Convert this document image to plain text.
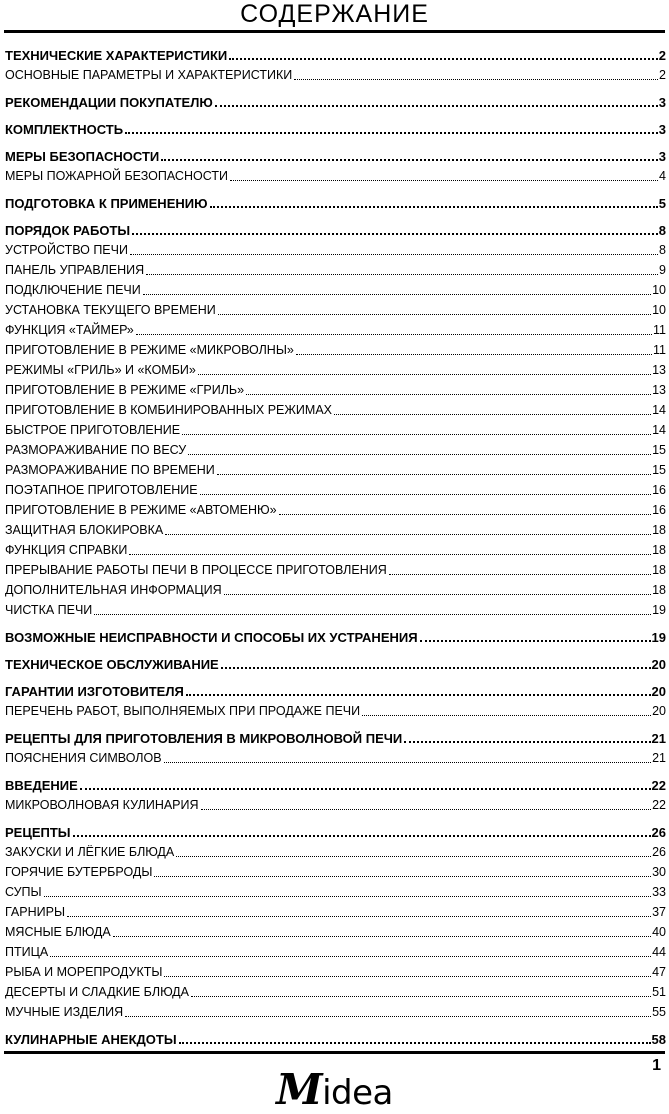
СОДЕРЖАНИЕ
ТЕХНИЧЕСКИЕ ХАРАКТЕРИСТИКИ	2
ОСНОВНЫЕ ПАРАМЕТРЫ И ХАРАКТЕРИСТИКИ	2
РЕКОМЕНДАЦИИ ПОКУПАТЕЛЮ	3
КОМПЛЕКТНОСТЬ	3
МЕРЫ БЕЗОПАСНОСТИ	3
МЕРЫ ПОЖАРНОЙ БЕЗОПАСНОСТИ	4
ПОДГОТОВКА К ПРИМЕНЕНИЮ	5
ПОРЯДОК РАБОТЫ	8
УСТРОЙСТВО ПЕЧИ	8
ПАНЕЛЬ УПРАВЛЕНИЯ	9
ПОДКЛЮЧЕНИЕ ПЕЧИ	10
УСТАНОВКА ТЕКУЩЕГО ВРЕМЕНИ	10
ФУНКЦИЯ «ТАЙМЕР»	11
ПРИГОТОВЛЕНИЕ В РЕЖИМЕ «МИКРОВОЛНЫ»	11
РЕЖИМЫ «ГРИЛЬ» И «КОМБИ»	13
ПРИГОТОВЛЕНИЕ В РЕЖИМЕ «ГРИЛЬ»	13
ПРИГОТОВЛЕНИЕ В КОМБИНИРОВАННЫХ РЕЖИМАХ	14
БЫСТРОЕ ПРИГОТОВЛЕНИЕ	14
РАЗМОРАЖИВАНИЕ ПО ВЕСУ	15
РАЗМОРАЖИВАНИЕ ПО ВРЕМЕНИ	15
ПОЭТАПНОЕ ПРИГОТОВЛЕНИЕ	16
ПРИГОТОВЛЕНИЕ В РЕЖИМЕ «АВТОМЕНЮ»	16
ЗАЩИТНАЯ БЛОКИРОВКА	18
ФУНКЦИЯ СПРАВКИ	18
ПРЕРЫВАНИЕ РАБОТЫ ПЕЧИ В ПРОЦЕССЕ ПРИГОТОВЛЕНИЯ	18
ДОПОЛНИТЕЛЬНАЯ ИНФОРМАЦИЯ	18
ЧИСТКА ПЕЧИ	19
ВОЗМОЖНЫЕ НЕИСПРАВНОСТИ И СПОСОБЫ ИХ УСТРАНЕНИЯ	19
ТЕХНИЧЕСКОЕ ОБСЛУЖИВАНИЕ	20
ГАРАНТИИ ИЗГОТОВИТЕЛЯ	20
ПЕРЕЧЕНЬ РАБОТ, ВЫПОЛНЯЕМЫХ ПРИ ПРОДАЖЕ ПЕЧИ	20
РЕЦЕПТЫ ДЛЯ ПРИГОТОВЛЕНИЯ В МИКРОВОЛНОВОЙ ПЕЧИ	21
ПОЯСНЕНИЯ СИМВОЛОВ	21
ВВЕДЕНИЕ	22
МИКРОВОЛНОВАЯ КУЛИНАРИЯ	22
РЕЦЕПТЫ	26
ЗАКУСКИ И ЛЁГКИЕ БЛЮДА	26
ГОРЯЧИЕ БУТЕРБРОДЫ	30
СУПЫ	33
ГАРНИРЫ	37
МЯСНЫЕ БЛЮДА	40
ПТИЦА	44
РЫБА И МОРЕПРОДУКТЫ	47
ДЕСЕРТЫ И СЛАДКИЕ БЛЮДА	51
МУЧНЫЕ ИЗДЕЛИЯ	55
КУЛИНАРНЫЕ АНЕКДОТЫ	58
1
Midea
